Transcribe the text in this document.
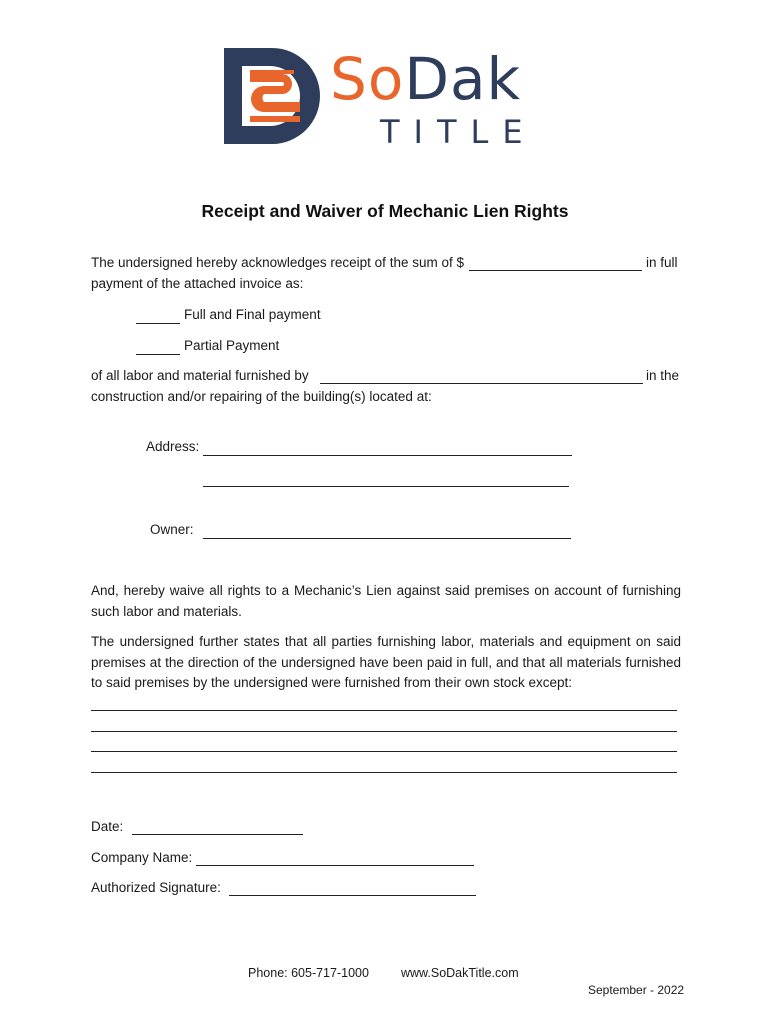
SoDak
TITLE
Receipt and Waiver of Mechanic Lien Rights
The undersigned hereby acknowledges receipt of the sum of $	in full
payment of the attached invoice as:
Full and Final payment
Partial Payment
of all labor and material furnished by	in the
construction and/or repairing of the building(s) located at:
Address:
Owner:
And, hereby waive all rights to a Mechanic’s Lien against said premises on account of furnishing such labor and materials.
The undersigned further states that all parties furnishing labor, materials and equipment on said premises at the direction of the undersigned have been paid in full, and that all materials furnished to said premises by the undersigned were furnished from their own stock except:
Date:
Company Name:
Authorized Signature:
Phone: 605-717-1000	www.SoDakTitle.com
September - 2022
